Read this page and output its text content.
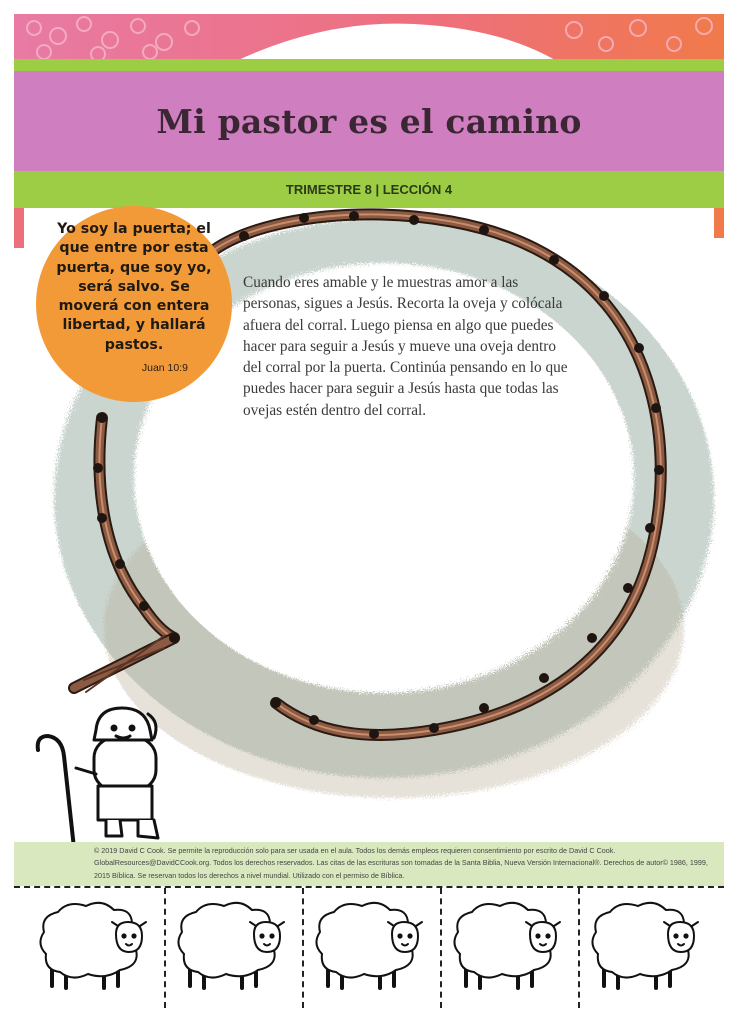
Mi pastor es el camino
TRIMESTRE 8 | LECCIÓN 4
Yo soy la puerta; el que entre por esta puerta, que soy yo, será salvo. Se moverá con entera libertad, y hallará pastos.
Juan 10:9
Cuando eres amable y le muestras amor a las personas, sigues a Jesús. Recorta la oveja y colócala afuera del corral. Luego piensa en algo que puedes hacer para seguir a Jesús y mueve una oveja dentro del corral por la puerta. Continúa pensando en lo que puedes hacer para seguir a Jesús hasta que todas las ovejas estén dentro del corral.
© 2019 David C Cook. Se permite la reproducción solo para ser usada en el aula. Todos los demás empleos requieren consentimiento por escrito de David C Cook. GlobalResources@DavidCCook.org. Todos los derechos reservados. Las citas de las escrituras son tomadas de la Santa Biblia, Nueva Versión Internacional®. Derechos de autor© 1986, 1999, 2015 Bíblica. Se reservan todos los derechos a nivel mundial. Utilizado con el permiso de Bíblica.
